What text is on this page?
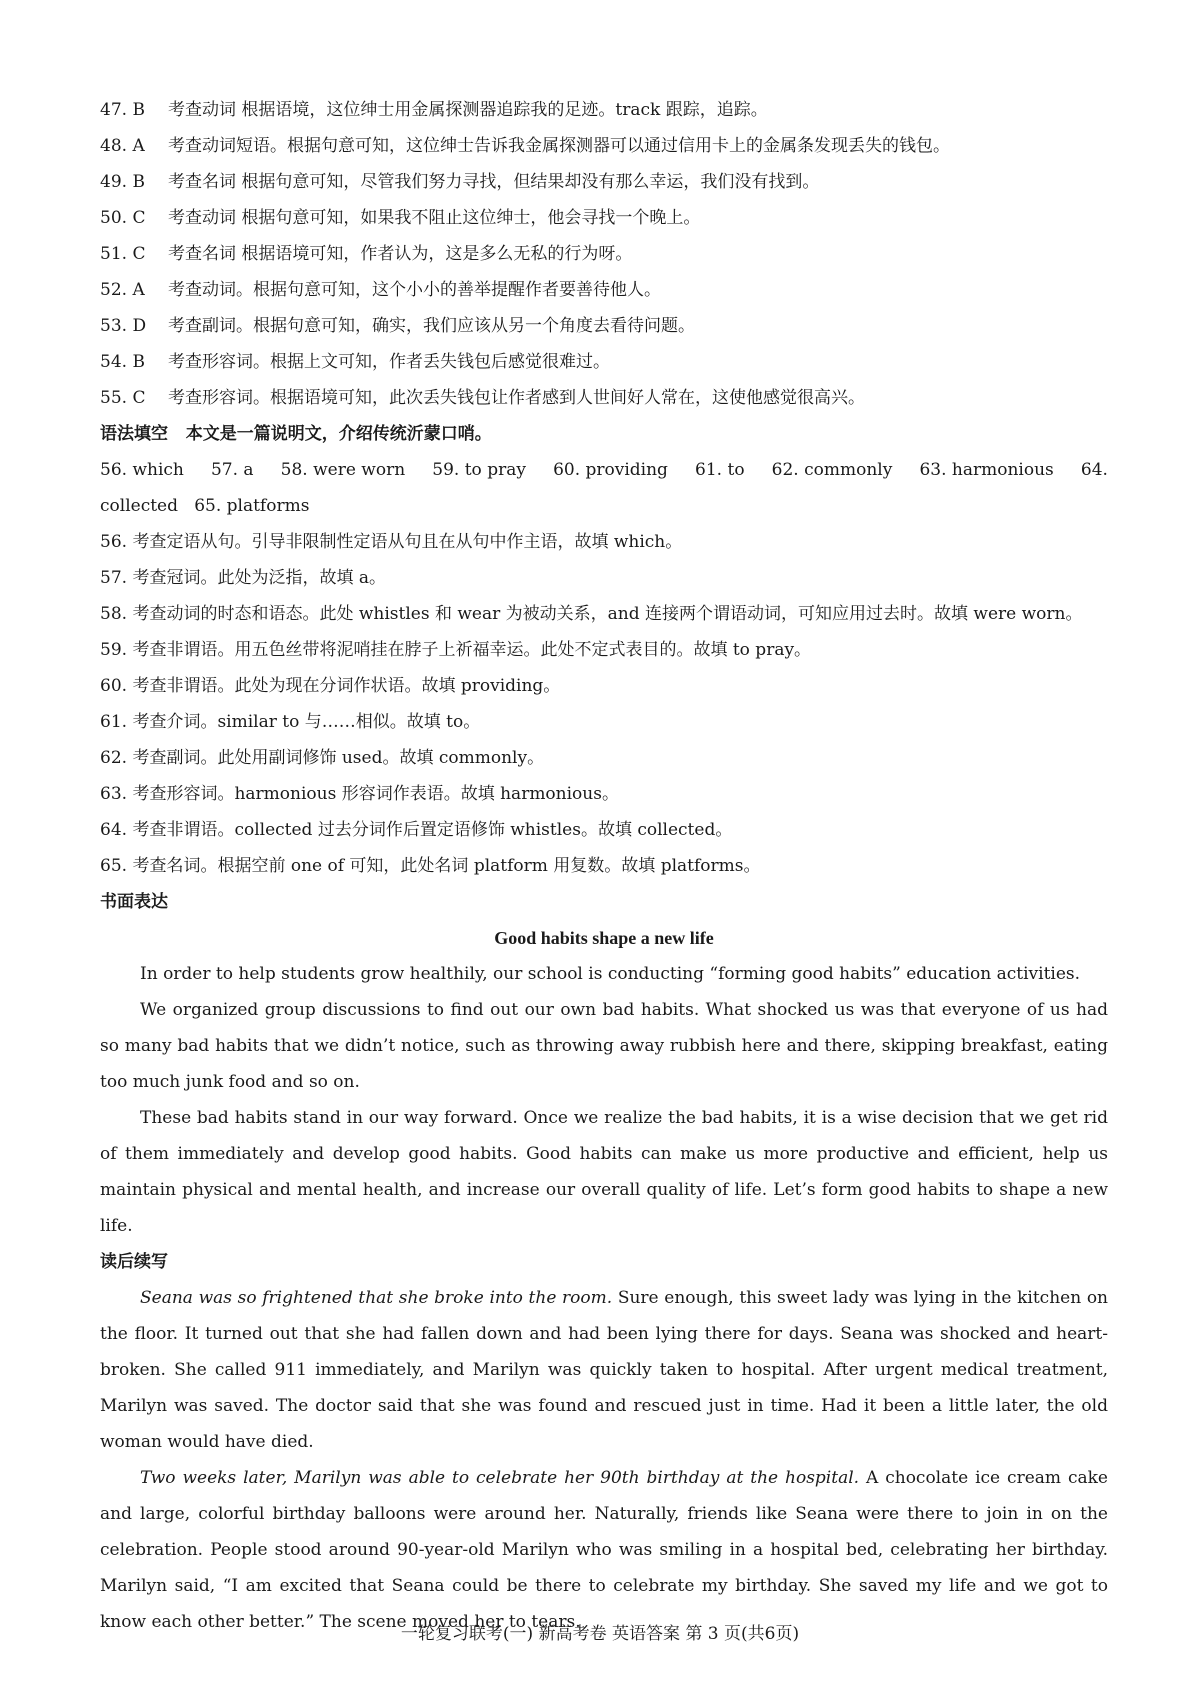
47. B 考查动词 根据语境，这位绅士用金属探测器追踪我的足迹。track 跟踪，追踪。
48. A 考查动词短语。根据句意可知，这位绅士告诉我金属探测器可以通过信用卡上的金属条发现丢失的钱包。
49. B 考查名词 根据句意可知，尽管我们努力寻找，但结果却没有那么幸运，我们没有找到。
50. C 考查动词 根据句意可知，如果我不阻止这位绅士，他会寻找一个晚上。
51. C 考查名词 根据语境可知，作者认为，这是多么无私的行为呀。
52. A 考查动词。根据句意可知，这个小小的善举提醒作者要善待他人。
53. D 考查副词。根据句意可知，确实，我们应该从另一个角度去看待问题。
54. B 考查形容词。根据上文可知，作者丢失钱包后感觉很难过。
55. C 考查形容词。根据语境可知，此次丢失钱包让作者感到人世间好人常在，这使他感觉很高兴。
语法填空 本文是一篇说明文，介绍传统沂蒙口哨。
56. which 57. a 58. were worn 59. to pray 60. providing 61. to 62. commonly 63. harmonious 64.
collected   65. platforms
56. 考查定语从句。引导非限制性定语从句且在从句中作主语，故填 which。
57. 考查冠词。此处为泛指，故填 a。
58. 考查动词的时态和语态。此处 whistles 和 wear 为被动关系，and 连接两个谓语动词，可知应用过去时。故填 were worn。
59. 考查非谓语。用五色丝带将泥哨挂在脖子上祈福幸运。此处不定式表目的。故填 to pray。
60. 考查非谓语。此处为现在分词作状语。故填 providing。
61. 考查介词。similar to 与……相似。故填 to。
62. 考查副词。此处用副词修饰 used。故填 commonly。
63. 考查形容词。harmonious 形容词作表语。故填 harmonious。
64. 考查非谓语。collected 过去分词作后置定语修饰 whistles。故填 collected。
65. 考查名词。根据空前 one of 可知，此处名词 platform 用复数。故填 platforms。
书面表达
Good habits shape a new life
In order to help students grow healthily, our school is conducting “forming good habits” education activities.
We organized group discussions to find out our own bad habits. What shocked us was that everyone of us had so many bad habits that we didn’t notice, such as throwing away rubbish here and there, skipping breakfast, eating too much junk food and so on.
These bad habits stand in our way forward. Once we realize the bad habits, it is a wise decision that we get rid of them immediately and develop good habits. Good habits can make us more productive and efficient, help us maintain physical and mental health, and increase our overall quality of life. Let’s form good habits to shape a new life.
读后续写
Seana was so frightened that she broke into the room. Sure enough, this sweet lady was lying in the kitchen on the floor. It turned out that she had fallen down and had been lying there for days. Seana was shocked and heart-broken. She called 911 immediately, and Marilyn was quickly taken to hospital. After urgent medical treatment, Marilyn was saved. The doctor said that she was found and rescued just in time. Had it been a little later, the old woman would have died.
Two weeks later, Marilyn was able to celebrate her 90th birthday at the hospital. A chocolate ice cream cake and large, colorful birthday balloons were around her. Naturally, friends like Seana were there to join in on the celebration. People stood around 90-year-old Marilyn who was smiling in a hospital bed, celebrating her birthday. Marilyn said, “I am excited that Seana could be there to celebrate my birthday. She saved my life and we got to know each other better.” The scene moved her to tears.
一轮复习联考(一) 新高考卷 英语答案 第 3 页(共6页)
